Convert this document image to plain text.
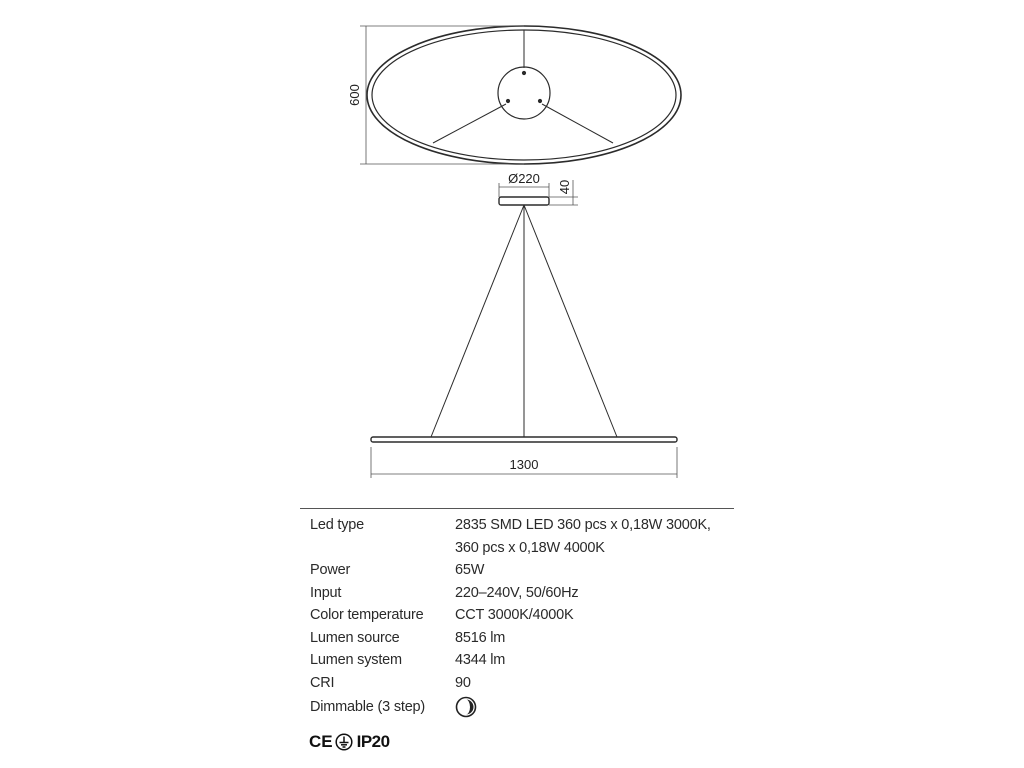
600
Ø220
40
1300
Led type	2835 SMD LED 360 pcs x 0,18W 3000K,
360 pcs x 0,18W 4000K
Power	65W
Input	220–240V, 50/60Hz
Color temperature	CCT 3000K/4000K
Lumen source	8516 lm
Lumen system	4344 lm
CRI	90
Dimmable (3 step)
CE IP20
